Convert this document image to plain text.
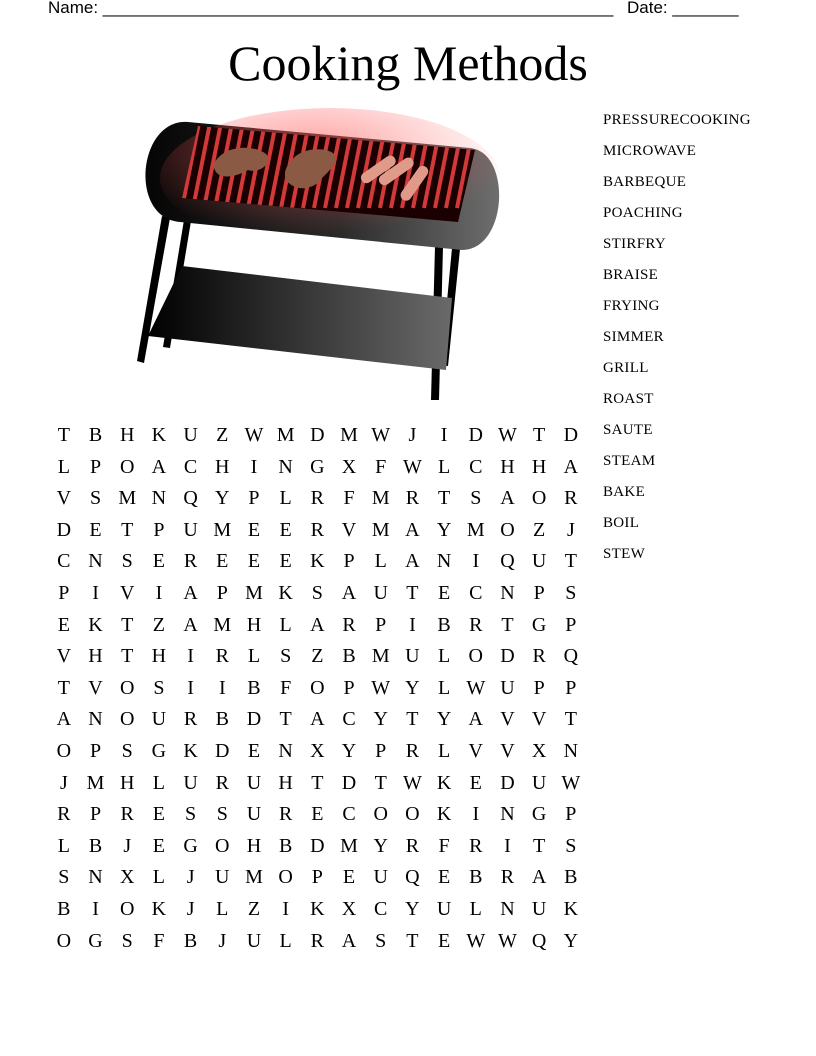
Name: ______________________________________________________ Date: _______
Cooking Methods
PRESSURECOOKING
MICROWAVE
BARBEQUE
POACHING
STIRFRY
BRAISE
FRYING
SIMMER
GRILL
ROAST
SAUTE
STEAM
BAKE
BOIL
STEW
T B H K U Z W M D M W J	I	D W T D
L	P O A C H	I	N G X F W L C H H A
V S M N Q Y P	L R F M R T	S A O R
D E T	P U M E E R V M A Y M O Z	J
C N S	E R E E E K P	L A N	I	Q U T
P	I	V	I	A P M K S A U T E C N P	S
E K T Z A M H L A R P	I	B R T G P
V H T H	I	R L	S	Z B M U L O D R Q
T V O S	I	I	B F O P W Y L W U P	P
A N O U R B D T A C Y T Y A V V T
O P	S G K D E N X Y P R L V V X N
J M H L U R U H T D T W K E D U W
R P R E	S	S U R E C O O K	I	N G P
L B	J	E G O H B D M Y R F R	I	T	S
S N X L	J	U M O P	E U Q E B R A B
B	I	O K	J	L Z	I	K X C Y U L N U K
O G S	F B	J	U L R A S	T E W W Q Y
